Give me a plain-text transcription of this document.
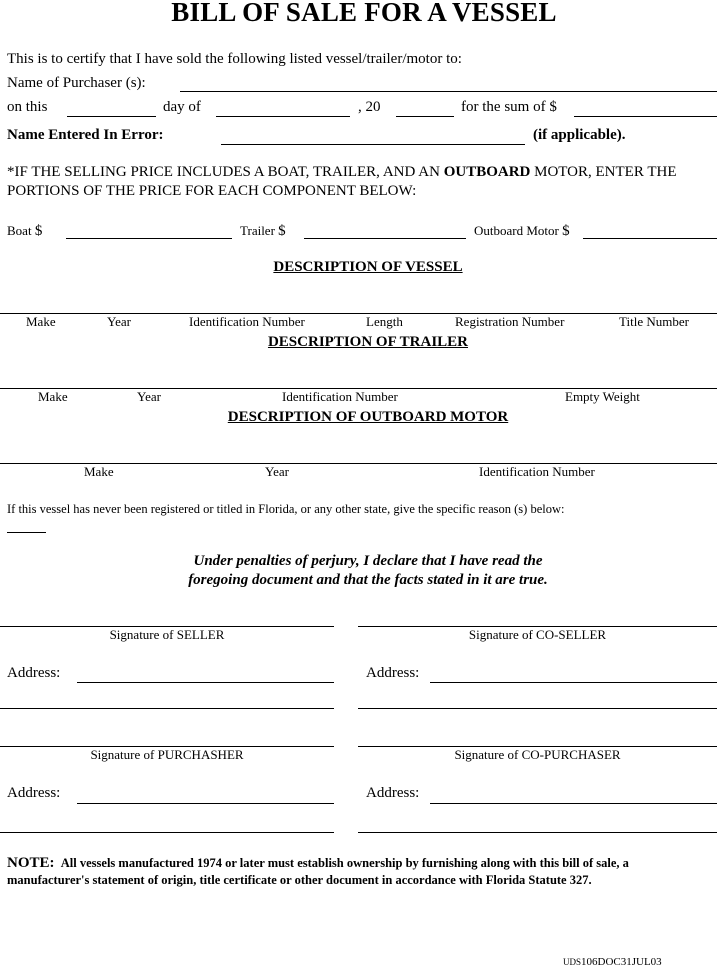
BILL OF SALE FOR A VESSEL
This is to certify that I have sold the following listed vessel/trailer/motor to:
Name of Purchaser (s):
on this	day of	, 20	for the sum of $
Name Entered In Error:	(if applicable).
*IF THE SELLING PRICE INCLUDES A BOAT, TRAILER, AND AN OUTBOARD MOTOR, ENTER THE
PORTIONS OF THE PRICE FOR EACH COMPONENT BELOW:
Boat $	Trailer $	Outboard Motor $
DESCRIPTION OF VESSEL
Make	Year	Identification Number	Length	Registration Number	Title Number
DESCRIPTION OF TRAILER
Make	Year	Identification Number	Empty Weight
DESCRIPTION OF OUTBOARD MOTOR
Make	Year	Identification Number
If this vessel has never been registered or titled in Florida, or any other state, give the specific reason (s) below:
Under penalties of perjury, I declare that I have read the
foregoing document and that the facts stated in it are true.
Signature of SELLER	Signature of CO-SELLER
Address:	Address:
Signature of PURCHASHER	Signature of CO-PURCHASER
Address:	Address:
NOTE: All vessels manufactured 1974 or later must establish ownership by furnishing along with this bill of sale, a
manufacturer's statement of origin, title certificate or other document in accordance with Florida Statute 327.
UDS106DOC31JUL03
